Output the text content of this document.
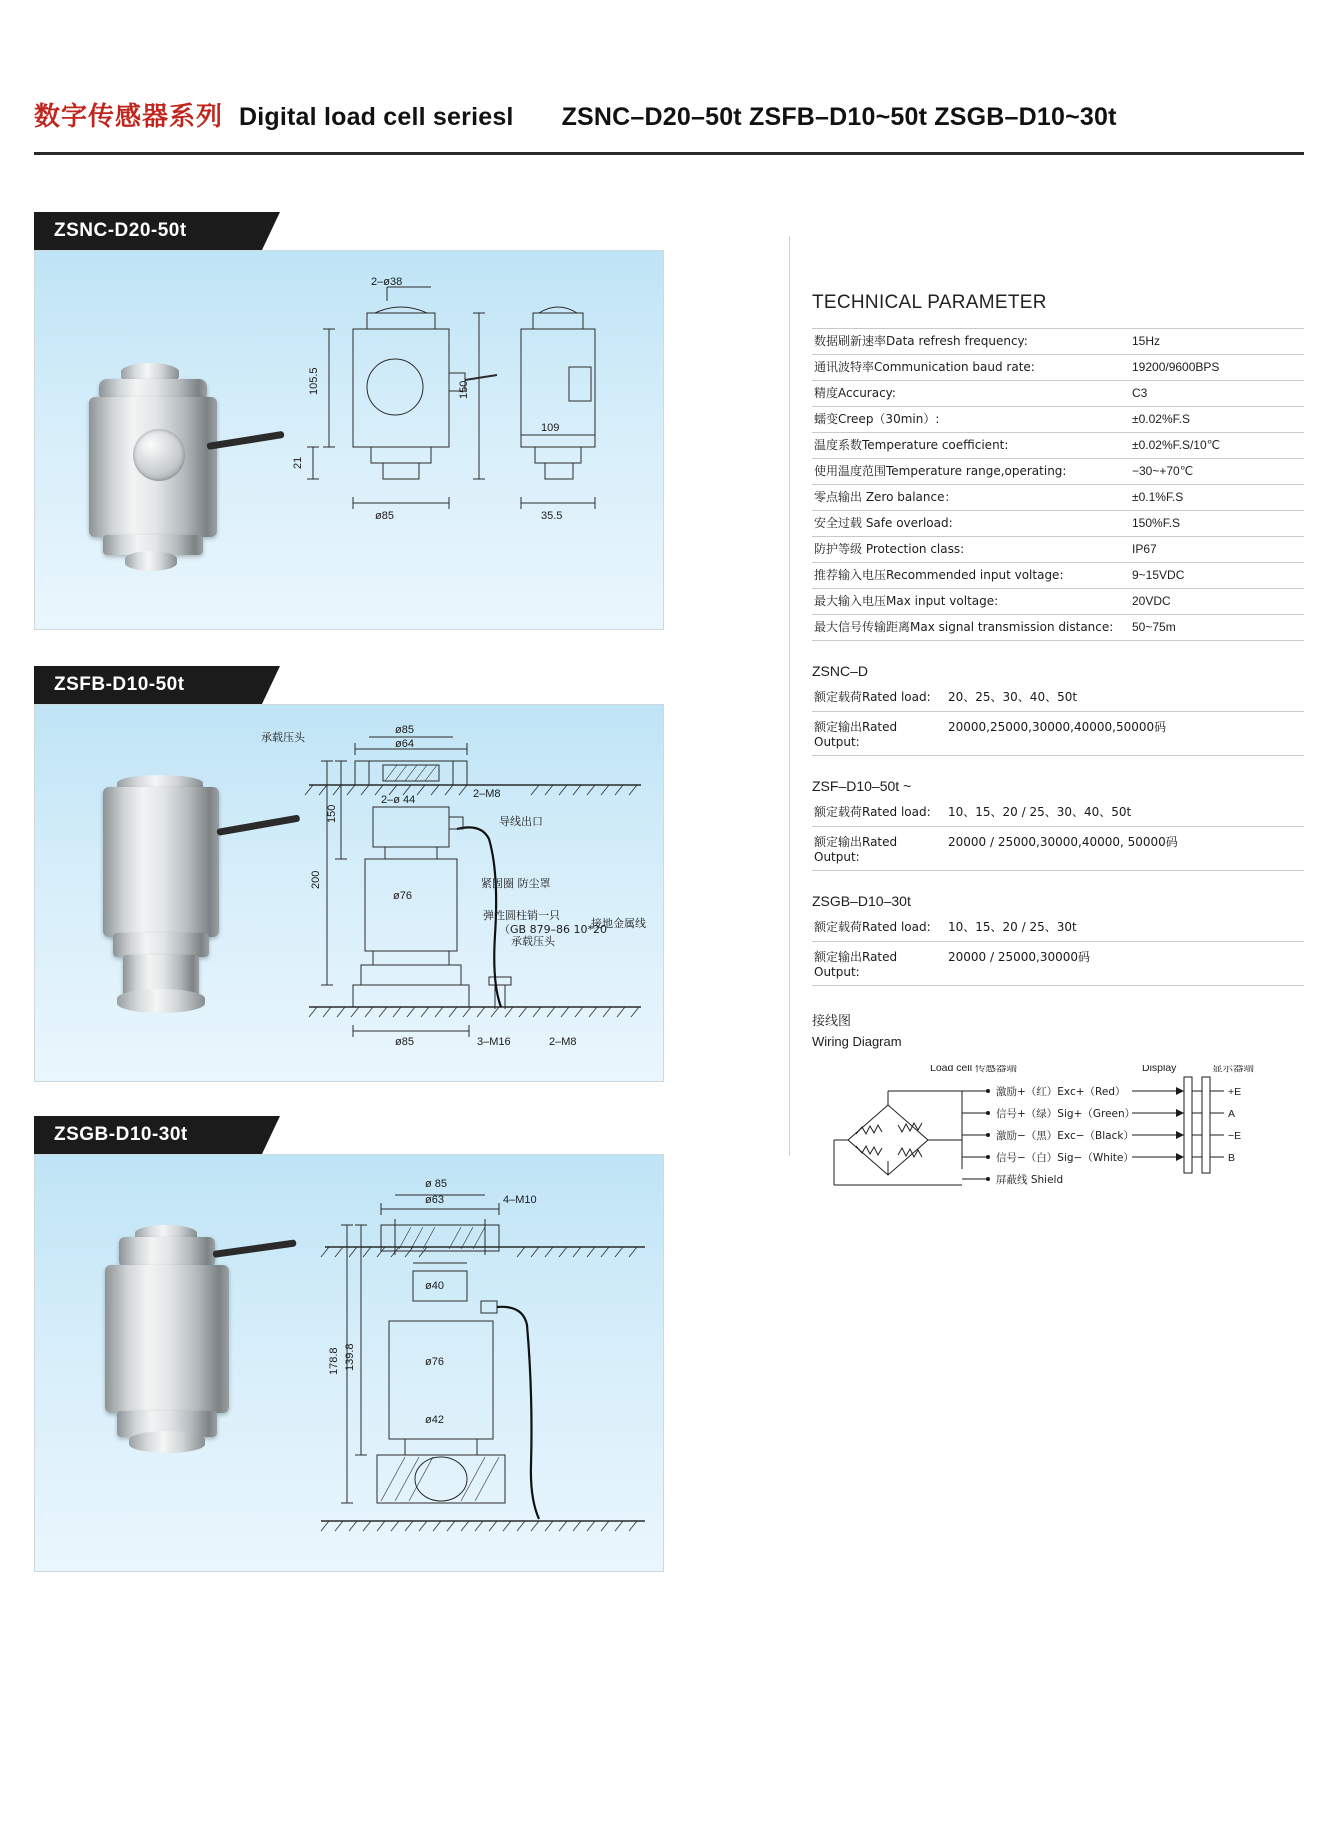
数字传感器系列 Digital load cell seriesl ZSNC–D20–50t ZSFB–D10~50t ZSGB–D10~30t
ZSNC-D20-50t
2–ø38
105.5
21
150
ø85	35.5
109
ZSFB-D10-50t
ø85
ø64
2–M8
2–ø 44
200
150
ø76
ø85	3–M16	2–M8
承载压头
导线出口
紧固圈 防尘罩
弹性圆柱销一只
（GB 879–86 10*20
承载压头
接地金属线
ZSGB-D10-30t
ø 85
ø63	4–M10
ø40
ø76
ø42
178.8 139.8
TECHNICAL PARAMETER
数据刷新速率Data refresh frequency:	15Hz
通讯波特率Communication baud rate:	19200/9600BPS
精度Accuracy:	C3
蠕变Creep（30min）:	±0.02%F.S
温度系数Temperature coefficient:	±0.02%F.S/10℃
使用温度范围Temperature range,operating:	−30~+70℃
零点输出 Zero balance：	±0.1%F.S
安全过载 Safe overload:	150%F.S
防护等级 Protection class:	IP67
推荐输入电压Recommended input voltage:	9~15VDC
最大输入电压Max input voltage:	20VDC
最大信号传输距离Max signal transmission distance:	50~75m
ZSNC–D
额定载荷Rated load:	20、25、30、40、50t
额定输出Rated Output:	20000,25000,30000,40000,50000码
ZSF–D10–50t ~
额定载荷Rated load:	10、15、20 / 25、30、40、50t
额定输出Rated Output:	20000 / 25000,30000,40000, 50000码
ZSGB–D10–30t
额定载荷Rated load:	10、15、20 / 25、30t
额定输出Rated Output:	20000 / 25000,30000码
接线图
Wiring Diagram
Load cell 传感器端	Display	显示器端
激励+（红）Exc+（Red）
信号+（绿）Sig+（Green）
激励−（黑）Exc−（Black）
信号−（白）Sig−（White）
屏蔽线 Shield
+E
A
−E
B
